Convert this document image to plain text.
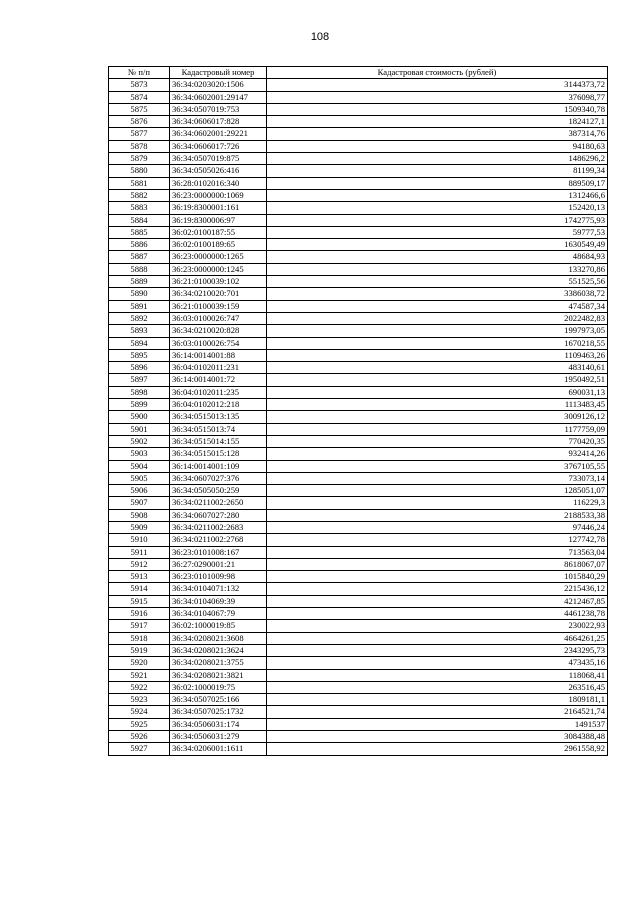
108
№ п/п	Кадастровый номер	Кадастровая стоимость (рублей)
5873	36:34:0203020:1506	3144373,72
5874	36:34:0602001:29147	376098,77
5875	36:34:0507019:753	1509340,78
5876	36:34:0606017:828	1824127,1
5877	36:34:0602001:29221	387314,76
5878	36:34:0606017:726	94180,63
5879	36:34:0507019:875	1486296,2
5880	36:34:0505026:416	81199,34
5881	36:28:0102016:340	889509,17
5882	36:23:0000000:1069	1312466,6
5883	36:19:8300001:161	152420,13
5884	36:19:8300006:97	1742775,93
5885	36:02:0100187:55	59777,53
5886	36:02:0100189:65	1630549,49
5887	36:23:0000000:1265	48684,93
5888	36:23:0000000:1245	133270,86
5889	36:21:0100039:102	551525,56
5890	36:34:0210020:701	3386038,72
5891	36:21:0100039:159	474587,34
5892	36:03:0100026:747	2022482,83
5893	36:34:0210020:828	1997973,05
5894	36:03:0100026:754	1670218,55
5895	36:14:0014001:88	1109463,26
5896	36:04:0102011:231	483140,61
5897	36:14:0014001:72	1950492,51
5898	36:04:0102011:235	690031,13
5899	36:04:0102012:218	1113483,45
5900	36:34:0515013:135	3009126,12
5901	36:34:0515013:74	1177759,09
5902	36:34:0515014:155	770420,35
5903	36:34:0515015:128	932414,26
5904	36:14:0014001:109	3767105,55
5905	36:34:0607027:376	733073,14
5906	36:34:0505050:259	1285051,07
5907	36:34:0211002:2650	116229,3
5908	36:34:0607027:280	2188533,38
5909	36:34:0211002:2683	97446,24
5910	36:34:0211002:2768	127742,78
5911	36:23:0101008:167	713563,04
5912	36:27:0290001:21	8618067,07
5913	36:23:0101009:98	1015840,29
5914	36:34:0104071:132	2215436,12
5915	36:34:0104069:39	4212467,85
5916	36:34:0104067:79	4461238,78
5917	36:02:1000019:85	230022,93
5918	36:34:0208021:3608	4664261,25
5919	36:34:0208021:3624	2343295,73
5920	36:34:0208021:3755	473435,16
5921	36:34:0208021:3821	118068,41
5922	36:02:1000019:75	263516,45
5923	36:34:0507025:166	1809181,1
5924	36:34:0507025:1732	2164521,74
5925	36:34:0506031:174	1491537
5926	36:34:0506031:279	3084388,48
5927	36:34:0206001:1611	2961558,92
